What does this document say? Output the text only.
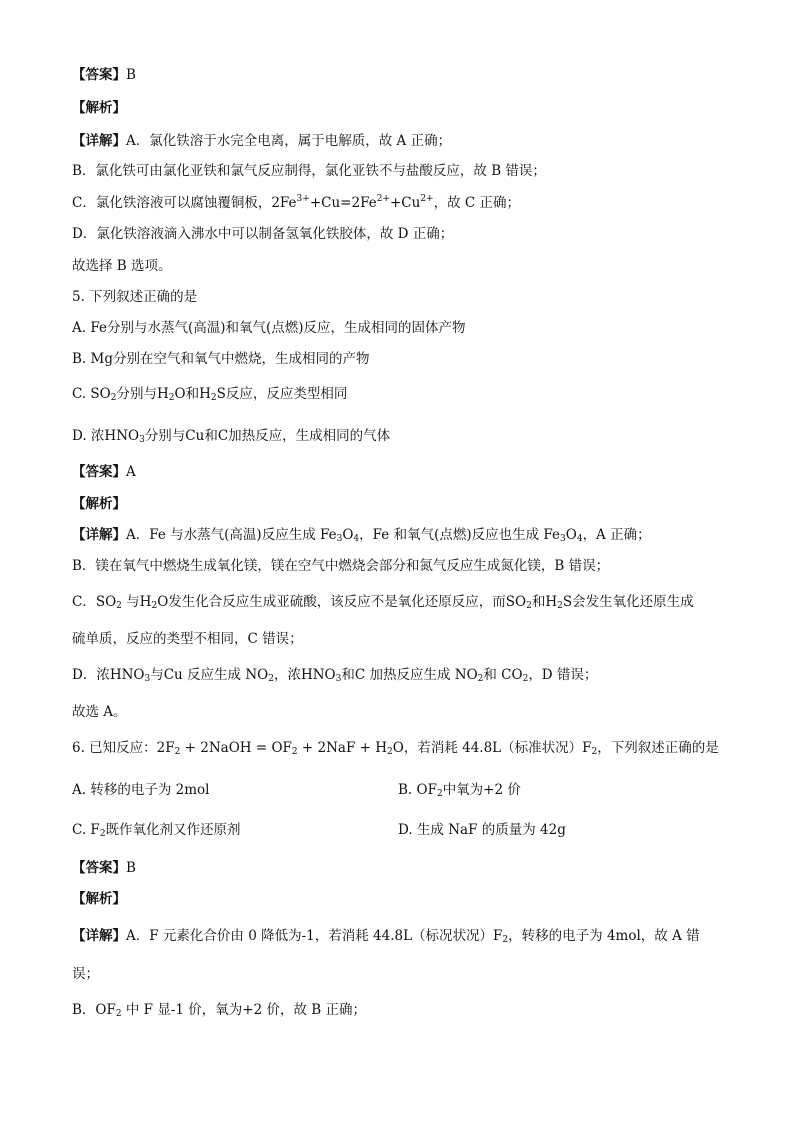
【答案】B
【解析】
【详解】A．氯化铁溶于水完全电离，属于电解质，故 A 正确；
B．氯化铁可由氯化亚铁和氯气反应制得，氯化亚铁不与盐酸反应，故 B 错误；
C．氯化铁溶液可以腐蚀覆铜板，$2Fe^{3+}+Cu=2Fe^{2+}+Cu^{2+}$，故 C 正确；
D．氯化铁溶液滴入沸水中可以制备氢氧化铁胶体，故 D 正确；
故选择 B 选项。
5. 下列叙述正确的是
A. Fe分别与水蒸气(高温)和氧气(点燃)反应，生成相同的固体产物
B. Mg分别在空气和氧气中燃烧，生成相同的产物
C. $SO_2$分别与$H_2O$和$H_2S$反应，反应类型相同
D. 浓$HNO_3$分别与Cu和C加热反应，生成相同的气体
【答案】A
【解析】
【详解】A．Fe 与水蒸气(高温)反应生成 $Fe_3O_4$，Fe 和氧气(点燃)反应也生成 $Fe_3O_4$，A 正确；
B．镁在氧气中燃烧生成氧化镁，镁在空气中燃烧会部分和氮气反应生成氮化镁，B 错误；
C．$SO_2$ 与$H_2O$发生化合反应生成亚硫酸，该反应不是氧化还原反应，而$SO_2$和$H_2S$会发生氧化还原生成
硫单质，反应的类型不相同，C 错误；
D．浓$HNO_3$与Cu 反应生成 $NO_2$，浓$HNO_3$和C 加热反应生成 $NO_2$和 $CO_2$，D 错误；
故选 A。
6. 已知反应：$2F_2$ + 2NaOH = $OF_2 + 2NaF + H_2O$，若消耗 44.8L（标准状况）$F_2$，下列叙述正确的是
A. 转移的电子为 2mol	B. $OF_2$中氧为+2 价
C. $F_2$既作氧化剂又作还原剂	D. 生成 NaF 的质量为 42g
【答案】B
【解析】
【详解】A．F 元素化合价由 0 降低为-1，若消耗 44.8L（标况状况）$F_2$，转移的电子为 4mol，故 A 错
误；
B．$OF_2$ 中 F 显-1 价，氧为+2 价，故 B 正确；
